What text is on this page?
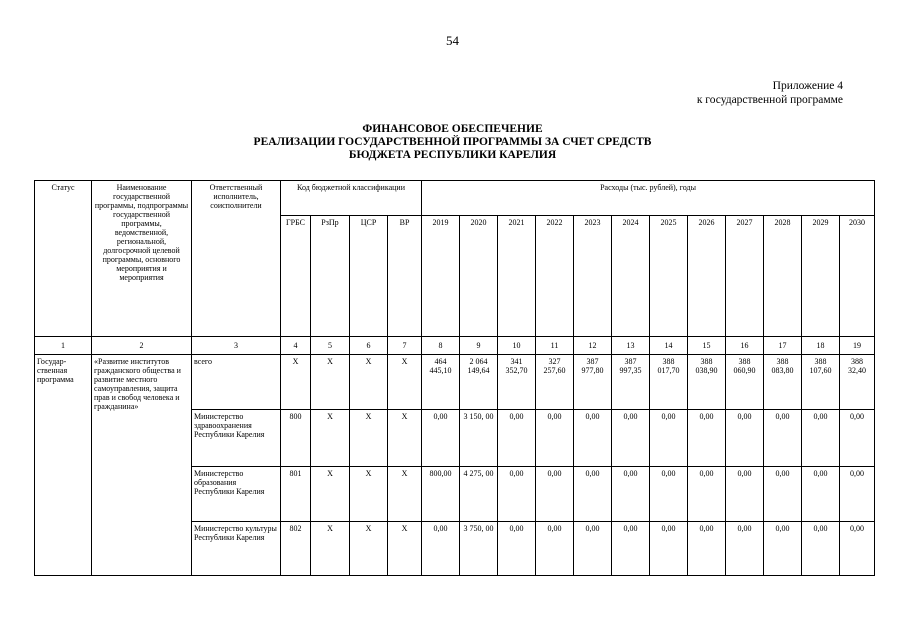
54
Приложение 4
к государственной программе
ФИНАНСОВОЕ ОБЕСПЕЧЕНИЕ
РЕАЛИЗАЦИИ ГОСУДАРСТВЕННОЙ ПРОГРАММЫ ЗА СЧЕТ СРЕДСТВ
БЮДЖЕТА РЕСПУБЛИКИ КАРЕЛИЯ
Статус	Наименование государственной программы, подпрограммы государственной программы, ведомственной, региональной, долгосрочной целевой программы, основного мероприятия и мероприятия	Ответственный исполнитель, соисполнители	Код бюджетной классификации				Расходы (тыс. рублей), годы											
			ГРБС	РзПр	ЦСР	ВР	2019	2020	2021	2022	2023	2024	2025	2026	2027	2028	2029	2030
1	2	3	4	5	6	7	8	9	10	11	12	13	14	15	16	17	18	19
Государ- ственная программа	«Развитие институтов гражданского общества и развитие местного самоуправления, защита прав и свобод человека и гражданина»	всего	Х	Х	Х	Х	464 445,10	2 064 149,64	341 352,70	327 257,60	387 977,80	387 997,35	388 017,70	388 038,90	388 060,90	388 083,80	388 107,60	388 32,40
		Министерство здравоохранения Республики Карелия	800	Х	Х	Х	0,00	3 150, 00	0,00	0,00	0,00	0,00	0,00	0,00	0,00	0,00	0,00	0,00
		Министерство образования Республики Карелия	801	Х	Х	Х	800,00	4 275, 00	0,00	0,00	0,00	0,00	0,00	0,00	0,00	0,00	0,00	0,00
		Министерство культуры Республики Карелия	802	Х	Х	Х	0,00	3 750, 00	0,00	0,00	0,00	0,00	0,00	0,00	0,00	0,00	0,00	0,00
